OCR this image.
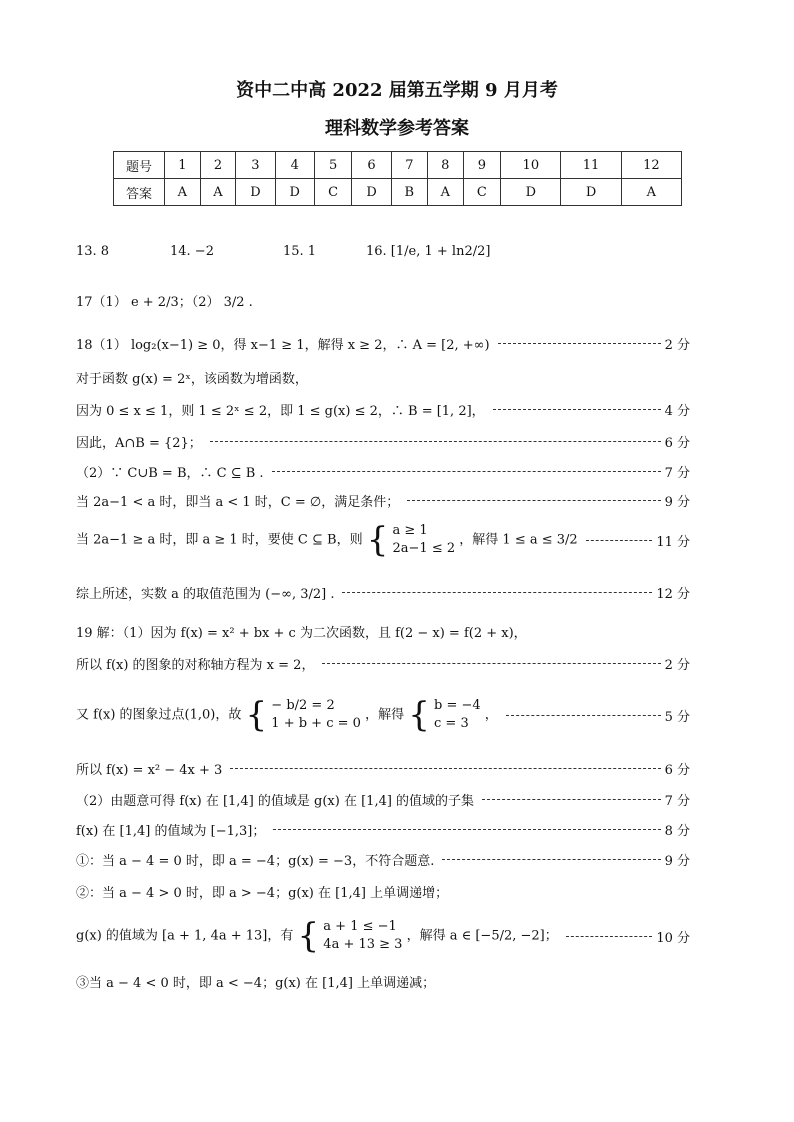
资中二中高 2022 届第五学期 9 月月考
理科数学参考答案
题号	1	2	3	4	5	6	7	8	9	10	11	12
答案	A	A	D	D	C	D	B	A	C	D	D	A
13. 8	14. −2	15. 1	16. [1/e, 1 + ln2/2]
17（1） e + 2/3；（2） 3/2 .
18（1） log₂(x−1) ≥ 0，得 x−1 ≥ 1，解得 x ≥ 2，∴ A = [2, +∞)	2 分
对于函数 g(x) = 2ˣ，该函数为增函数，
因为 0 ≤ x ≤ 1，则 1 ≤ 2ˣ ≤ 2，即 1 ≤ g(x) ≤ 2，∴ B = [1, 2]，	4 分
因此，A∩B = {2}；	6 分
（2）∵ C∪B = B，∴ C ⊆ B .	7 分
当 2a−1 < a 时，即当 a < 1 时，C = ∅，满足条件；	9 分
当 2a−1 ≥ a 时，即 a ≥ 1 时，要使 C ⊆ B，则 { a ≥ 1
2a−1 ≤ 2 ，解得 1 ≤ a ≤ 3/2	11 分
综上所述，实数 a 的取值范围为 (−∞, 3/2] .	12 分
19 解：（1）因为 f(x) = x² + bx + c 为二次函数，且 f(2 − x) = f(2 + x)，
所以 f(x) 的图象的对称轴方程为 x = 2，	2 分
又 f(x) 的图象过点(1,0)，故 { − b/2 = 2
1 + b + c = 0 ，解得 { b = −4
c = 3 ，	5 分
所以 f(x) = x² − 4x + 3	6 分
（2）由题意可得 f(x) 在 [1,4] 的值域是 g(x) 在 [1,4] 的值域的子集	7 分
f(x) 在 [1,4] 的值域为 [−1,3]；	8 分
①：当 a − 4 = 0 时，即 a = −4；g(x) = −3，不符合题意.	9 分
②：当 a − 4 > 0 时，即 a > −4；g(x) 在 [1,4] 上单调递增；
g(x) 的值域为 [a + 1, 4a + 13]，有 { a + 1 ≤ −1
4a + 13 ≥ 3 ，解得 a ∈ [−5/2, −2]；	10 分
③当 a − 4 < 0 时，即 a < −4；g(x) 在 [1,4] 上单调递减；
